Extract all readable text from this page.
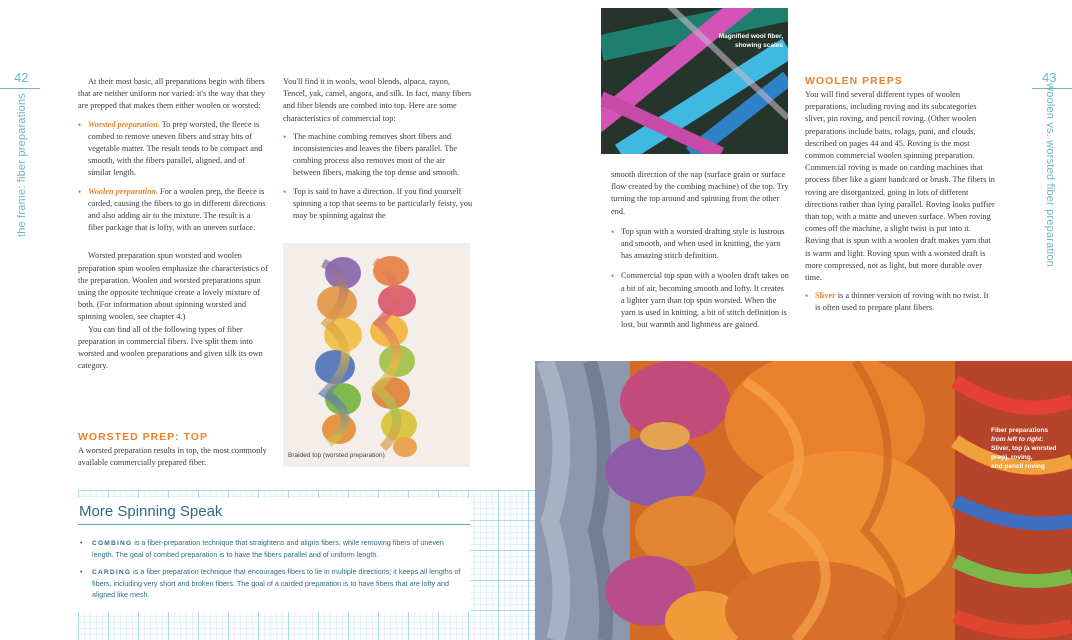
42	43
the frame: fiber preparations	woolen vs. worsted fiber preparation

At their most basic, all preparations begin with fibers that are neither uniform nor varied: it's the way that they are prepped that makes them either woolen or worsted:

• Worsted preparation. To prep worsted, the fleece is combed to remove uneven fibers and stray bits of vegetable matter. The result tends to be compact and smooth, with the fibers parallel, aligned, and of similar length.
• Woolen preparation. For a woolen prep, the fleece is carded, causing the fibers to go in different directions and also adding air to the mixture. The result is a fiber package that is lofty, with an uneven surface.

Worsted preparation spun worsted and woolen preparation spun woolen emphasize the characteristics of the preparation. Woolen and worsted preparations spun using the opposite technique create a lovely mixture of both. (For information about spinning worsted and spinning woolen, see chapter 4.)

You can find all of the following types of fiber preparation in commercial fibers. I've split them into worsted and woolen preparations and given silk its own category.

WORSTED PREP: TOP

A worsted preparation results in top, the most commonly available commercially prepared fiber.

You'll find it in wools, wool blends, alpaca, rayon, Tencel, yak, camel, angora, and silk. In fact, many fibers and fiber blends are combed into top. Here are some characteristics of commercial top:

• The machine combing removes short fibers and inconsistencies and leaves the fibers parallel. The combing process also removes most of the air between fibers, making the top dense and smooth.
• Top is said to have a direction. If you find yourself spinning a top that seems to be particularly feisty, you may be spinning against the
Braided top (worsted preparation)
Magnified wool fiber, showing scales

smooth direction of the nap (surface grain or surface flow created by the combing machine) of the top. Try turning the top around and spinning from the other end.

• Top spun with a worsted drafting style is lustrous and smooth, and when used in knitting, the yarn has amazing stitch definition.
• Commercial top spun with a woolen draft takes on a bit of air, becoming smooth and lofty. It creates a lighter yarn than top spun worsted. When the yarn is used in knitting, a bit of stitch definition is lost, but warmth and lightness are gained.
WOOLEN PREPS

You will find several different types of woolen preparations, including roving and its subcategories sliver, pin roving, and pencil roving. (Other woolen preparations include batts, rolags, puni, and clouds, described on pages 44 and 45. Roving is the most common commercial woolen spinning preparation. Commercial roving is made on carding machines that process fiber like a giant handcard or brush. The fibers in roving are disorganized, going in lots of different directions rather than lying parallel. Roving looks puffier than top, with a matte and uneven surface. When roving comes off the machine, a slight twist is put into it. Roving that is spun with a woolen draft makes yarn that is warm and light. Roving spun with a worsted draft is more compressed, not as light, but more durable over time.

• Sliver is a thinner version of roving with no twist. It is often used to prepare plant fibers.
Fiber preparations
from left to right:
Sliver, top (a worsted
prep), roving,
and pencil roving
More Spinning Speak
• COMBING is a fiber-preparation technique that straightens and aligns fibers, while removing fibers of uneven length. The goal of combed preparation is to have the fibers parallel and of uniform length.
• CARDING is a fiber preparation technique that encourages fibers to lie in multiple directions; it keeps all lengths of fibers, including very short and broken fibers. The goal of a carded preparation is to have fibers that are lofty and aligned like mesh.
